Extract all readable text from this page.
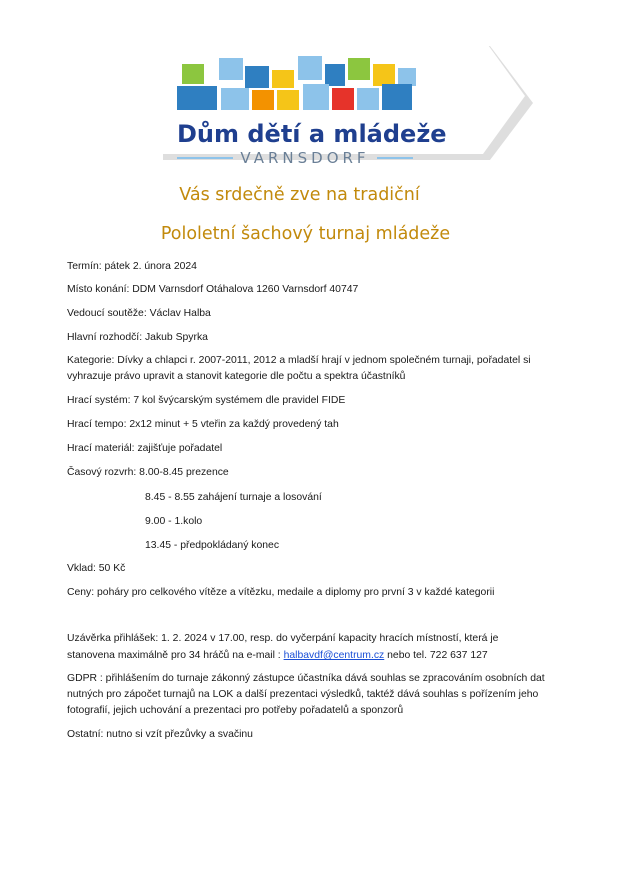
Dům dětí a mládeže
VARNSDORF
Vás srdečně zve na tradiční
Pololetní šachový turnaj mládeže
Termín: pátek 2. února 2024
Místo konání: DDM Varnsdorf Otáhalova 1260 Varnsdorf 40747
Vedoucí soutěže: Václav Halba
Hlavní rozhodčí: Jakub Spyrka
Kategorie: Dívky a chlapci r. 2007-2011, 2012 a mladší hrají v jednom společném turnaji, pořadatel si
vyhrazuje právo upravit a stanovit kategorie dle počtu a spektra účastníků
Hrací systém: 7 kol švýcarským systémem dle pravidel FIDE
Hrací tempo: 2x12 minut + 5 vteřin za každý provedený tah
Hrací materiál: zajišťuje pořadatel
Časový rozvrh: 8.00-8.45 prezence
8.45 - 8.55 zahájení turnaje a losování
9.00 - 1.kolo
13.45 - předpokládaný konec
Vklad: 50 Kč
Ceny: poháry pro celkového vítěze a vítězku, medaile a diplomy pro první 3 v každé kategorii
Uzávěrka přihlášek: 1. 2. 2024 v 17.00, resp. do vyčerpání kapacity hracích místností, která je
stanovena maximálně pro 34 hráčů na e-mail : halbavdf@centrum.cz nebo tel. 722 637 127
GDPR : přihlášením do turnaje zákonný zástupce účastníka dává souhlas se zpracováním osobních dat
nutných pro zápočet turnajů na LOK a další prezentaci výsledků, taktéž dává souhlas s pořízením jeho
fotografií, jejich uchování a prezentaci pro potřeby pořadatelů a sponzorů
Ostatní: nutno si vzít přezůvky a svačinu
